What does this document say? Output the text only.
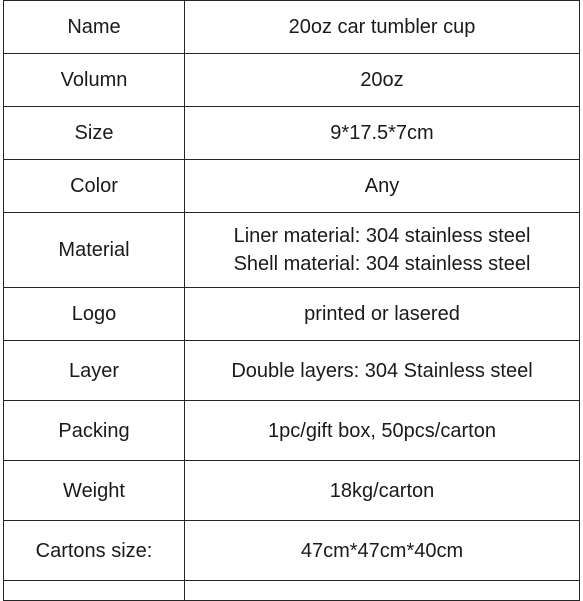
Name	20oz car tumbler cup
Volumn	20oz
Size	9*17.5*7cm
Color	Any
Material	Liner material: 304 stainless steel
Shell material: 304 stainless steel

Logo	printed or lasered
Layer	Double layers: 304 Stainless steel
Packing	1pc/gift box, 50pcs/carton
Weight	18kg/carton
Cartons size:	47cm*47cm*40cm
